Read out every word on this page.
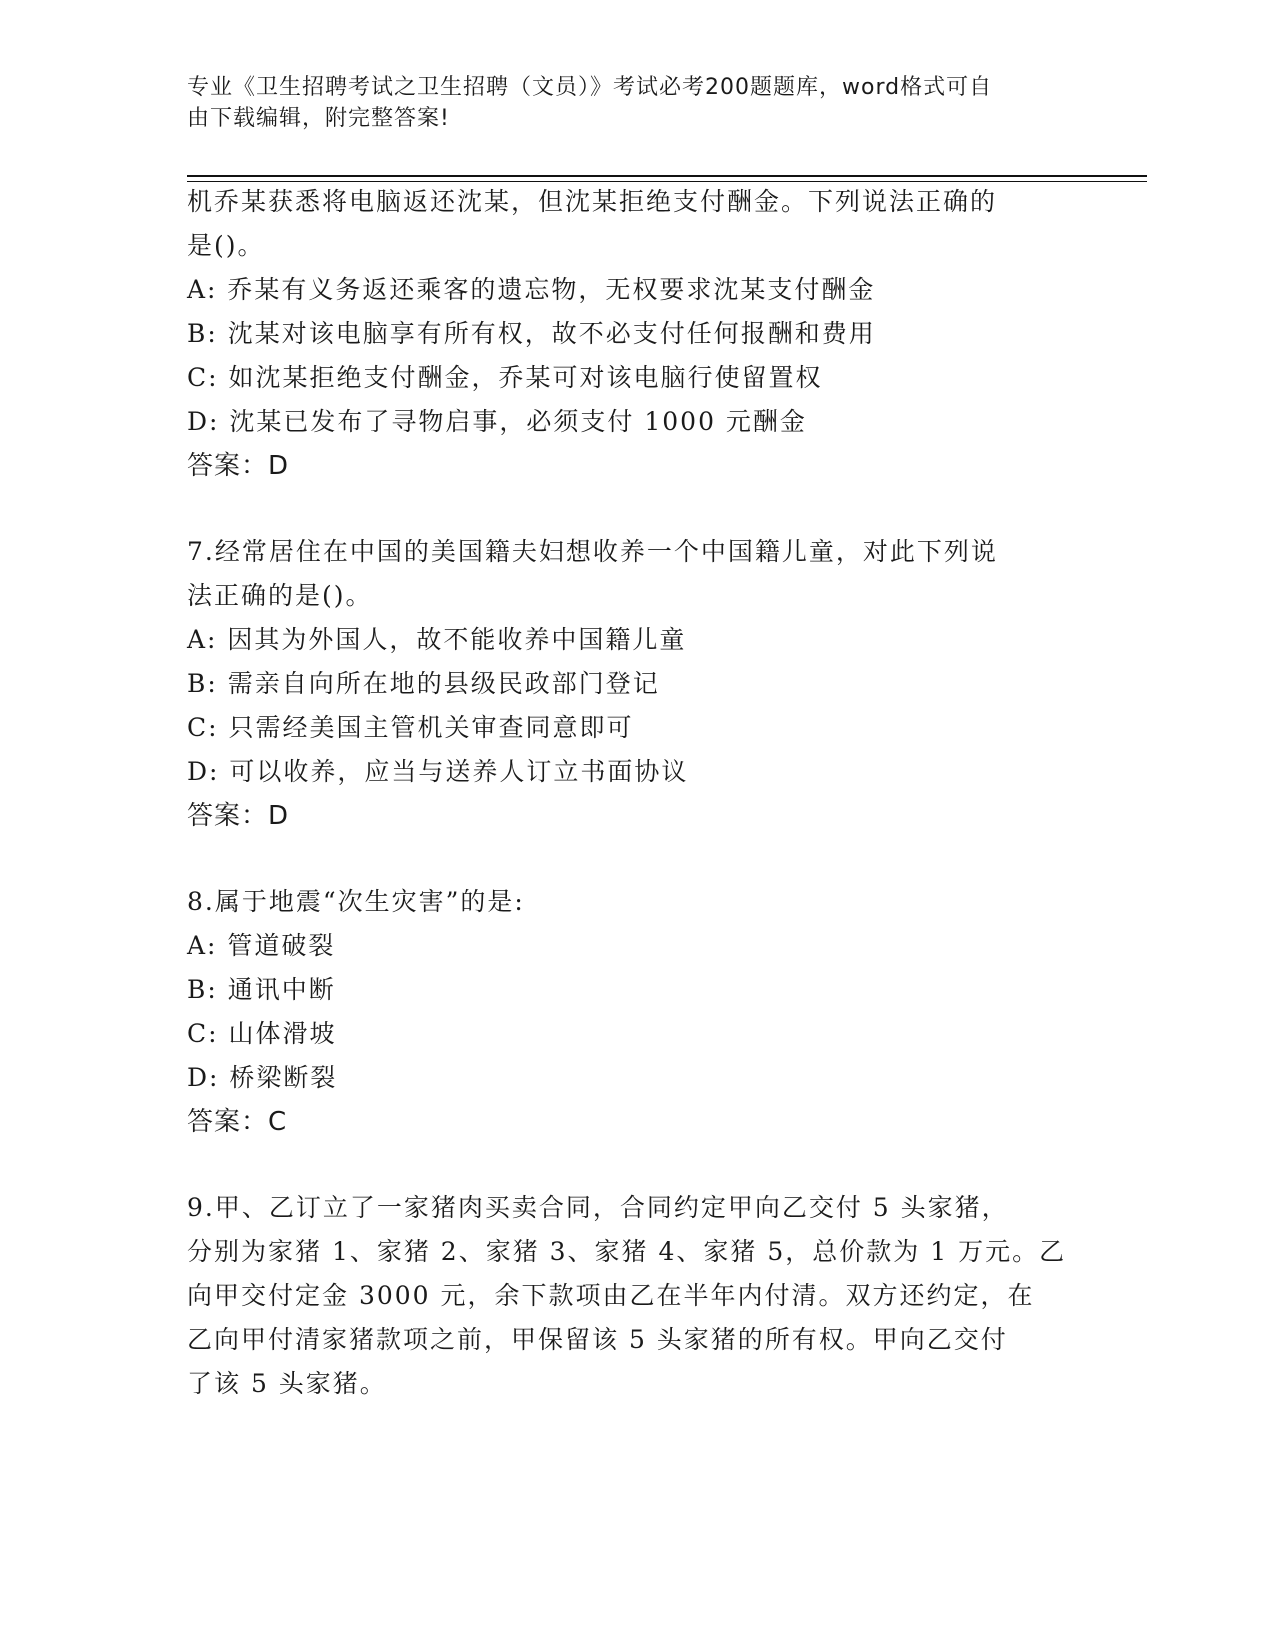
专业《卫生招聘考试之卫生招聘（文员）》考试必考200题题库，word格式可自
由下载编辑，附完整答案!
机乔某获悉将电脑返还沈某，但沈某拒绝支付酬金。下列说法正确的
是()。
A: 乔某有义务返还乘客的遗忘物，无权要求沈某支付酬金
B: 沈某对该电脑享有所有权，故不必支付任何报酬和费用
C: 如沈某拒绝支付酬金，乔某可对该电脑行使留置权
D: 沈某已发布了寻物启事，必须支付 1000 元酬金
答案：D
7.经常居住在中国的美国籍夫妇想收养一个中国籍儿童，对此下列说
法正确的是()。
A: 因其为外国人，故不能收养中国籍儿童
B: 需亲自向所在地的县级民政部门登记
C: 只需经美国主管机关审查同意即可
D: 可以收养，应当与送养人订立书面协议
答案：D
8.属于地震“次生灾害”的是:
A: 管道破裂
B: 通讯中断
C: 山体滑坡
D: 桥梁断裂
答案：C
9.甲、乙订立了一家猪肉买卖合同，合同约定甲向乙交付 5 头家猪，
分别为家猪 1、家猪 2、家猪 3、家猪 4、家猪 5，总价款为 1 万元。乙
向甲交付定金 3000 元，余下款项由乙在半年内付清。双方还约定，在
乙向甲付清家猪款项之前，甲保留该 5 头家猪的所有权。甲向乙交付
了该 5 头家猪。
